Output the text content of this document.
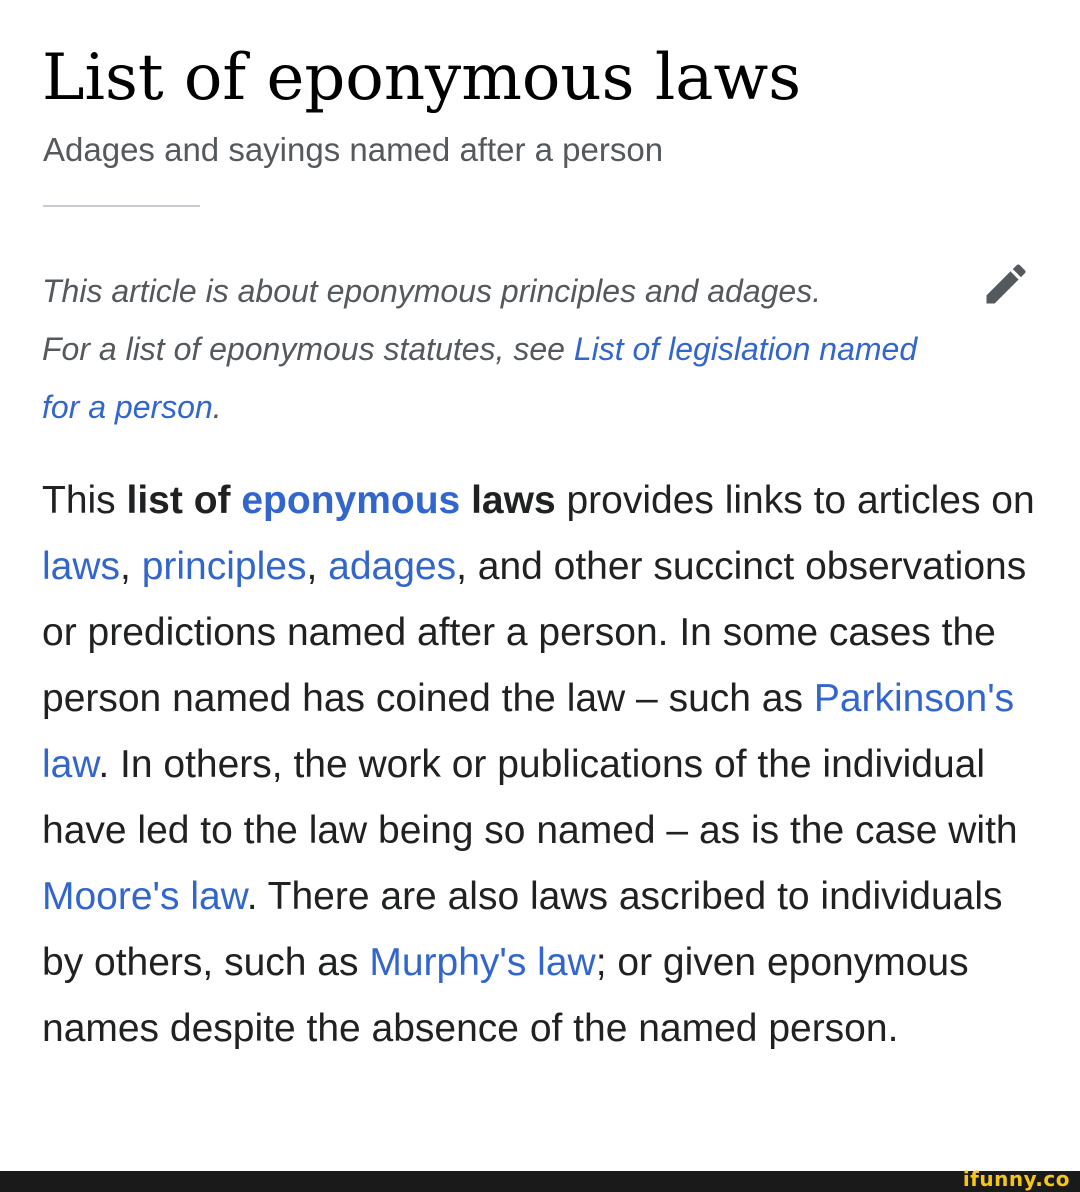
List of eponymous laws
Adages and sayings named after a person
This article is about eponymous principles and adages.
For a list of eponymous statutes, see List of legislation named for a person.
This list of eponymous laws provides links to articles on laws, principles, adages, and other succinct observations or predictions named after a person. In some cases the person named has coined the law – such as Parkinson's law. In others, the work or publications of the individual have led to the law being so named – as is the case with Moore's law. There are also laws ascribed to individuals by others, such as Murphy's law; or given eponymous names despite the absence of the named person.
ifunny.co
